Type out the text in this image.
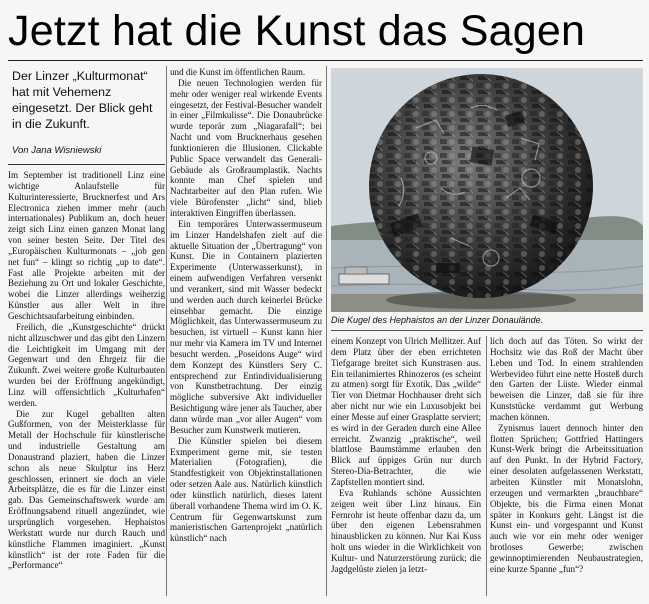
Jetzt hat die Kunst das Sagen
Der Linzer „Kulturmonat“ hat mit Vehemenz eingesetzt. Der Blick geht in die Zukunft.
Von Jana Wisniewski

Im September ist traditionell Linz eine wichtige Anlaufstelle für Kulturinteressierte, Brucknerfest und Ars Electronica ziehen immer mehr (auch internationales) Publikum an, doch heuer zeigt sich Linz einen ganzen Monat lang von seiner besten Seite. Der Titel des „Europäischen Kulturmonats – „job gen net fun“ – klingt so richtig „up to date“. Fast alle Projekte arbeiten mit der Beziehung zu Ort und lokaler Geschichte, wobei die Linzer allerdings weiherzig Künstler aus aller Welt in ihre Geschichtsaufarbeitung einbinden.

Freilich, die „Kunstgeschichte“ drückt nicht allzuschwer und das gibt den Linzern die Leichtigkeit im Umgang mit der Gegenwart und den Ehrgeiz für die Zukunft. Zwei weitere große Kulturbauten wurden bei der Eröffnung angekündigt, Linz will offensichtlich „Kulturhafen“ werden.

Die zur Kugel geballten alten Gußformen, von der Meisterklasse für Metall der Hochschule für künstlerische und industrielle Gestaltung am Donaustrand plaziert, haben die Linzer schon als neue Skulptur ins Herz geschlossen, erinnert sie doch an viele Arbeitsplätze, die es für die Linzer einst gab. Das Gemeinschaftswerk wurde am Eröffnungsabend rituell angezündet, wie ursprünglich vorgesehen. Hephaistos Werkstatt wurde nur durch Rauch und künstliche Flammen imaginiert. „Kunst künstlich“ ist der rote Faden für die „Performance“

und die Kunst im öffentlichen Raum.

Die neuen Technologien werden für mehr oder weniger real wirkende Events eingesetzt, der Festival-Besucher wandelt in einer „Filmkulisse“. Die Donaubrücke wurde teporär zum „Niagarafall“; bei Nacht und vom Brucknerhaus gesehen funktionieren die Illusionen. Clickable Public Space verwandelt das Generali-Gebäude als Großraumplastik. Nachts konnte man Chef spielen und Nachtarbeiter auf den Plan rufen. Wie viele Bürofenster „licht“ sind, blieb interaktiven Eingriffen überlassen.

Ein temporäres Unterwassermuseum im Linzer Handelshafen zielt auf die aktuelle Situation der „Übertragung“ von Kunst. Die in Containern plazierten Experimente (Unterwasserkunst), in einem aufwendigen Verfahren versenkt und verankert, sind mit Wasser bedeckt und werden auch durch keinerlei Brücke einsehbar gemacht. Die einzige Möglichkeit, das Unterwassermuseum zu besuchen, ist virtuell – Kunst kann hier nur mehr via Kamera im TV und Internet besucht werden. „Poseidons Auge“ wird dem Konzept des Künstlers Sery C. entsprechend zur Entindividualisierung von Kunstbetrachtung. Der einzig mögliche subversive Akt individueller Besichtigung wäre jener als Taucher, aber dann würde man „vor aller Augen“ vom Besucher zum Kunstwerk mutieren.

Die Künstler spielen bei diesem Exmperiment gerne mit, sie testen Materialien (Fotografien), die Standfestigkeit von Objektinstallationen oder setzen Aale aus. Natürlich künstlich oder künstlich natürlich, dieses latent überall vorhandene Thema wird im O. K. Centrum für Gegenwartskunst zum manieristischen Gartenprojekt „natürlich künstlich“ nach

Die Kugel des Hephaistos an der Linzer Donaulände.

einem Konzept von Ulrich Mellitzer. Auf dem Platz über der eben errichteten Tiefgarage breitet sich Kunstrasen aus. Ein teilanimiertes Rhinozeros (es scheint zu atmen) sorgt für Exotik. Das „wilde“ Tier von Dietmar Hochhauser dreht sich aber nicht nur wie ein Luxusobjekt bei einer Messe auf einer Grasplatte serviert; es wird in der Geraden durch eine Allee erreicht. Zwanzig „praktische“, weil blattlose Baumstämme erlauben den Blick auf üppiges Grün nur durch Stereo-Dia-Betrachter, die wie Zapfstellen montiert sind.

Eva Ruhlands schöne Aussichten zeigen weit über Linz hinaus. Ein Fernrohr ist heute offenbar dazu da, um über den eigenen Lebensrahmen hinausblicken zu können. Nur Kai Kuss holt uns wieder in die Wirklichkeit von Kultur- und Naturzerstörung zurück; die Jagdgelüste zielen ja letzt-

lich doch auf das Töten. So wirkt der Hochsitz wie das Roß der Macht über Leben und Tod. In einem strahlenden Werbevideo führt eine nette Hosteß durch den Garten der Lüste. Wieder einmal beweisen die Linzer, daß sie für ihre Kunststücke verdammt gut Werbung machen können.

Zynismus lauert dennoch hinter den flotten Sprüchen; Gottfried Hattingers Kunst-Werk bringt die Arbeitssituation auf den Punkt. In der Hybrid Factory, einer desolaten aufgelassenen Werkstatt, arbeiten Künstler mit Monatslohn, erzeugen und vermarkten „brauchbare“ Objekte, bis die Firma einen Monat später in Konkurs geht. Längst ist die Kunst ein- und vorgespannt und Kunst auch wie vor ein mehr oder weniger brotloses Gewerbe; zwischen gewinnoptimierenden Neubaustrategien, eine kurze Spanne „fun“?
